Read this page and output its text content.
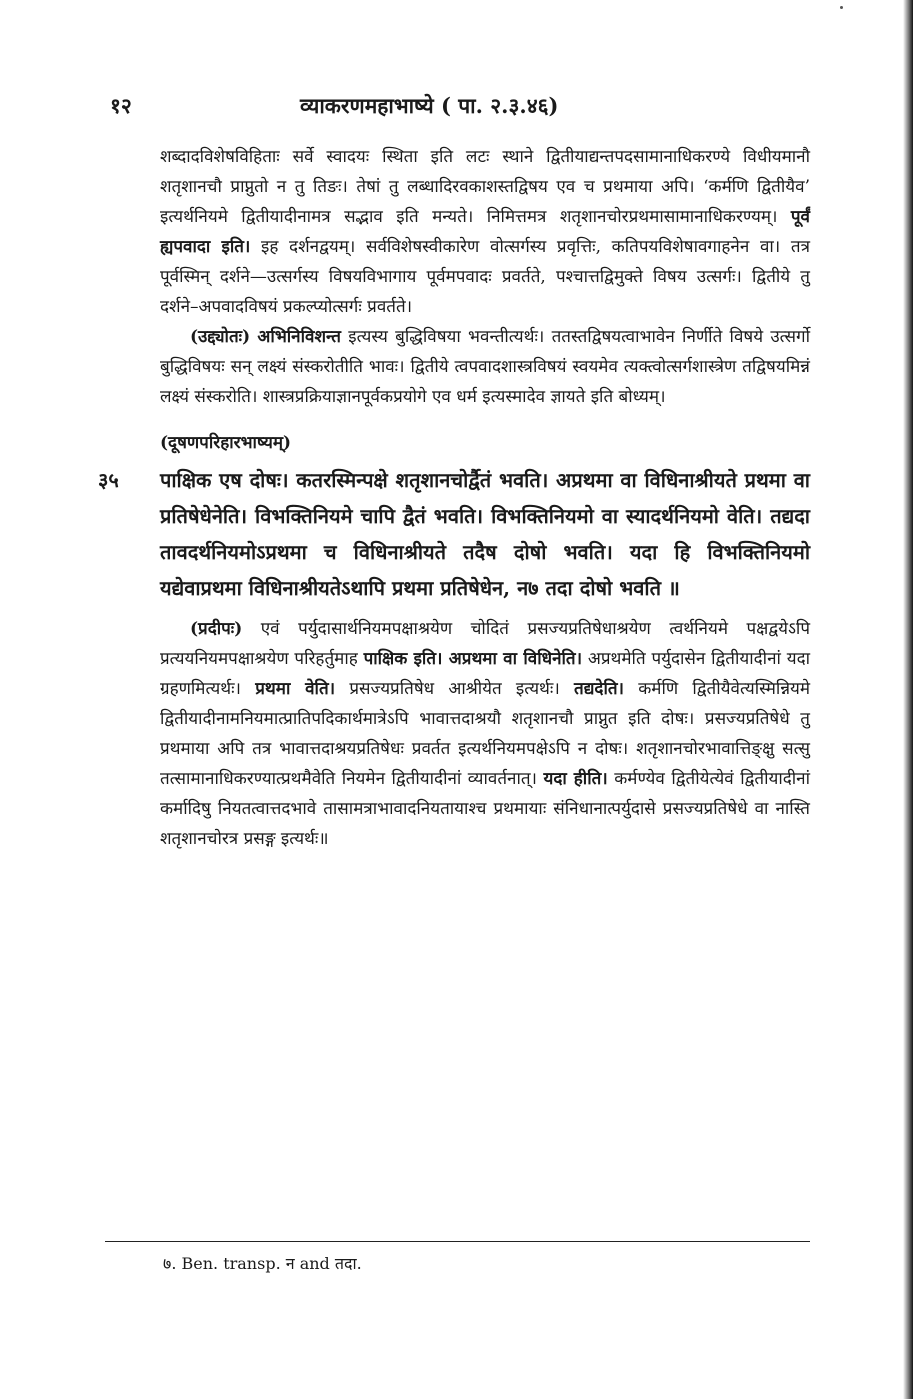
१२	व्याकरणमहाभाष्ये ( पा. २.३.४६)

शब्दादविशेषविहिताः सर्वे स्वादयः स्थिता इति लटः स्थाने द्वितीयाद्यन्तपदसामानाधिकरण्ये विधीयमानौ शतृशानचौ प्राप्नुतो न तु तिङः। तेषां तु लब्धादिरवकाशस्तद्विषय एव च प्रथमाया अपि। ‘कर्मणि द्वितीयैव’ इत्यर्थनियमे द्वितीयादीनामत्र सद्भाव इति मन्यते। निमित्तमत्र शतृशानचोरप्रथमासामानाधिकरण्यम्। पूर्वं ह्यपवादा इति। इह दर्शनद्वयम्। सर्वविशेषस्वीकारेण वोत्सर्गस्य प्रवृत्तिः, कतिपयविशेषावगाहनेन वा। तत्र पूर्वस्मिन् दर्शने—उत्सर्गस्य विषयविभागाय पूर्वमपवादः प्रवर्तते, पश्चात्तद्विमुक्ते विषय उत्सर्गः। द्वितीये तु दर्शने–अपवादविषयं प्रकल्प्योत्सर्गः प्रवर्तते।

(उद्द्योतः) अभिनिविशन्त इत्यस्य बुद्धिविषया भवन्तीत्यर्थः। ततस्तद्विषयत्वाभावेन निर्णीते विषये उत्सर्गो बुद्धिविषयः सन् लक्ष्यं संस्करोतीति भावः। द्वितीये त्वपवादशास्त्रविषयं स्वयमेव त्यक्त्वोत्सर्गशास्त्रेण तद्विषयमिन्नं लक्ष्यं संस्करोति। शास्त्रप्रक्रियाज्ञानपूर्वकप्रयोगे एव धर्म इत्यस्मादेव ज्ञायते इति बोध्यम्।

(दूषणपरिहारभाष्यम्)

३५ पाक्षिक एष दोषः। कतरस्मिन्पक्षे शतृशानचोर्द्वैतं भवति। अप्रथमा वा विधिनाश्रीयते प्रथमा वा प्रतिषेधेनेति। विभक्तिनियमे चापि द्वैतं भवति। विभक्तिनियमो वा स्यादर्थनियमो वेति। तद्यदा तावदर्थनियमोऽप्रथमा च विधिनाश्रीयते तदैष दोषो भवति। यदा हि विभक्तिनियमो यद्येवाप्रथमा विधिनाश्रीयतेऽथापि प्रथमा प्रतिषेधेन, न७ तदा दोषो भवति ॥

(प्रदीपः) एवं पर्युदासार्थनियमपक्षाश्रयेण चोदितं प्रसज्यप्रतिषेधाश्रयेण त्वर्थनियमे पक्षद्वयेऽपि प्रत्ययनियमपक्षाश्रयेण परिहर्तुमाह पाक्षिक इति। अप्रथमा वा विधिनेति। अप्रथमेति पर्युदासेन द्वितीयादीनां यदा ग्रहणमित्यर्थः। प्रथमा वेति। प्रसज्यप्रतिषेध आश्रीयेत इत्यर्थः। तद्यदेति। कर्मणि द्वितीयैवेत्यस्मिन्नियमे द्वितीयादीनामनियमात्प्रातिपदिकार्थमात्रेऽपि भावात्तदाश्रयौ शतृशानचौ प्राप्नुत इति दोषः। प्रसज्यप्रतिषेधे तु प्रथमाया अपि तत्र भावात्तदाश्रयप्रतिषेधः प्रवर्तत इत्यर्थनियमपक्षेऽपि न दोषः। शतृशानचोरभावात्तिङ्क्षु सत्सु तत्सामानाधिकरण्यात्प्रथमैवेति नियमेन द्वितीयादीनां व्यावर्तनात्। यदा हीति। कर्मण्येव द्वितीयेत्येवं द्वितीयादीनां कर्मादिषु नियतत्वात्तदभावे तासामत्राभावादनियतायाश्च प्रथमायाः संनिधानात्पर्युदासे प्रसज्यप्रतिषेधे वा नास्ति शतृशानचोरत्र प्रसङ्ग इत्यर्थः॥

७. Ben. transp. न and तदा.
